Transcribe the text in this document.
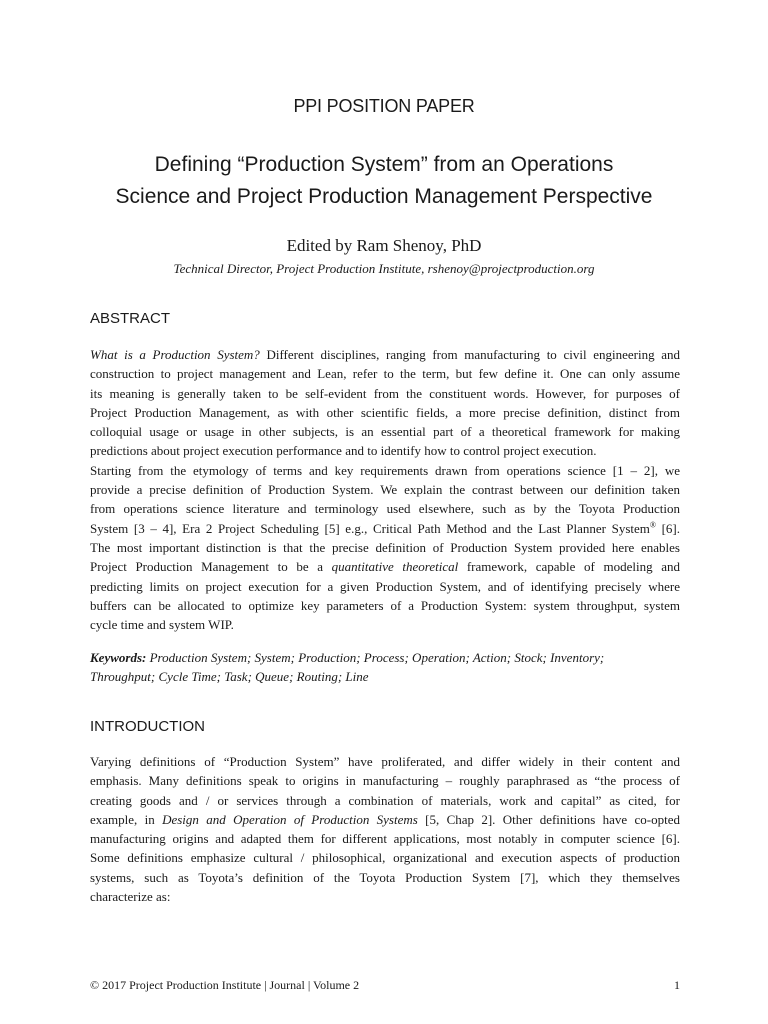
PPI POSITION PAPER
Defining “Production System” from an Operations
Science and Project Production Management Perspective
Edited by Ram Shenoy, PhD
Technical Director, Project Production Institute, rshenoy@projectproduction.org
ABSTRACT
What is a Production System? Different disciplines, ranging from manufacturing to civil engineering and
construction to project management and Lean, refer to the term, but few define it. One can only assume
its meaning is generally taken to be self-evident from the constituent words. However, for purposes of
Project Production Management, as with other scientific fields, a more precise definition, distinct from
colloquial usage or usage in other subjects, is an essential part of a theoretical framework for making
predictions about project execution performance and to identify how to control project execution.
Starting from the etymology of terms and key requirements drawn from operations science [1 – 2], we
provide a precise definition of Production System. We explain the contrast between our definition taken
from operations science literature and terminology used elsewhere, such as by the Toyota Production
System [3 – 4], Era 2 Project Scheduling [5] e.g., Critical Path Method and the Last Planner System® [6].
The most important distinction is that the precise definition of Production System provided here enables
Project Production Management to be a quantitative theoretical framework, capable of modeling and
predicting limits on project execution for a given Production System, and of identifying precisely where
buffers can be allocated to optimize key parameters of a Production System: system throughput, system
cycle time and system WIP.
Keywords: Production System; System; Production; Process; Operation; Action; Stock; Inventory;
Throughput; Cycle Time; Task; Queue; Routing; Line
INTRODUCTION
Varying definitions of “Production System” have proliferated, and differ widely in their content and
emphasis. Many definitions speak to origins in manufacturing – roughly paraphrased as “the process of
creating goods and / or services through a combination of materials, work and capital” as cited, for
example, in Design and Operation of Production Systems [5, Chap 2]. Other definitions have co-opted
manufacturing origins and adapted them for different applications, most notably in computer science [6].
Some definitions emphasize cultural / philosophical, organizational and execution aspects of production
systems, such as Toyota’s definition of the Toyota Production System [7], which they themselves
characterize as:
© 2017 Project Production Institute | Journal | Volume 2	1
